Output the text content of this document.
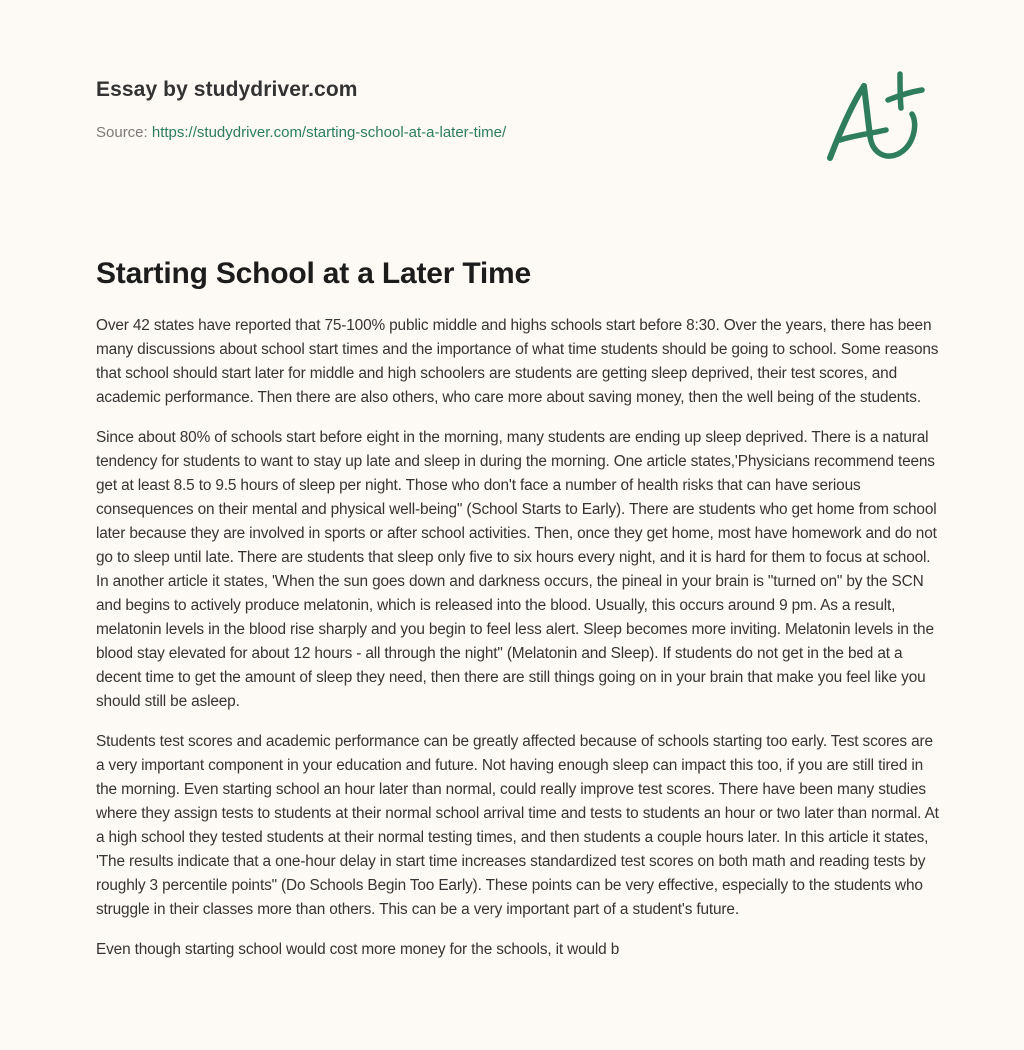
Essay by studydriver.com
Source: https://studydriver.com/starting-school-at-a-later-time/
Starting School at a Later Time

Over 42 states have reported that 75-100% public middle and highs schools start before 8:30. Over the years, there has been many discussions about school start times and the importance of what time students should be going to school. Some reasons that school should start later for middle and high schoolers are students are getting sleep deprived, their test scores, and academic performance. Then there are also others, who care more about saving money, then the well being of the students.

Since about 80% of schools start before eight in the morning, many students are ending up sleep deprived. There is a natural tendency for students to want to stay up late and sleep in during the morning. One article states,'Physicians recommend teens get at least 8.5 to 9.5 hours of sleep per night. Those who don't face a number of health risks that can have serious consequences on their mental and physical well-being" (School Starts to Early). There are students who get home from school later because they are involved in sports or after school activities. Then, once they get home, most have homework and do not go to sleep until late. There are students that sleep only five to six hours every night, and it is hard for them to focus at school. In another article it states, 'When the sun goes down and darkness occurs, the pineal in your brain is "turned on" by the SCN and begins to actively produce melatonin, which is released into the blood. Usually, this occurs around 9 pm. As a result, melatonin levels in the blood rise sharply and you begin to feel less alert. Sleep becomes more inviting. Melatonin levels in the blood stay elevated for about 12 hours - all through the night" (Melatonin and Sleep). If students do not get in the bed at a decent time to get the amount of sleep they need, then there are still things going on in your brain that make you feel like you should still be asleep.

Students test scores and academic performance can be greatly affected because of schools starting too early. Test scores are a very important component in your education and future. Not having enough sleep can impact this too, if you are still tired in the morning. Even starting school an hour later than normal, could really improve test scores. There have been many studies where they assign tests to students at their normal school arrival time and tests to students an hour or two later than normal. At a high school they tested students at their normal testing times, and then students a couple hours later. In this article it states, 'The results indicate that a one-hour delay in start time increases standardized test scores on both math and reading tests by roughly 3 percentile points" (Do Schools Begin Too Early). These points can be very effective, especially to the students who struggle in their classes more than others. This can be a very important part of a student's future.

Even though starting school would cost more money for the schools, it would b
